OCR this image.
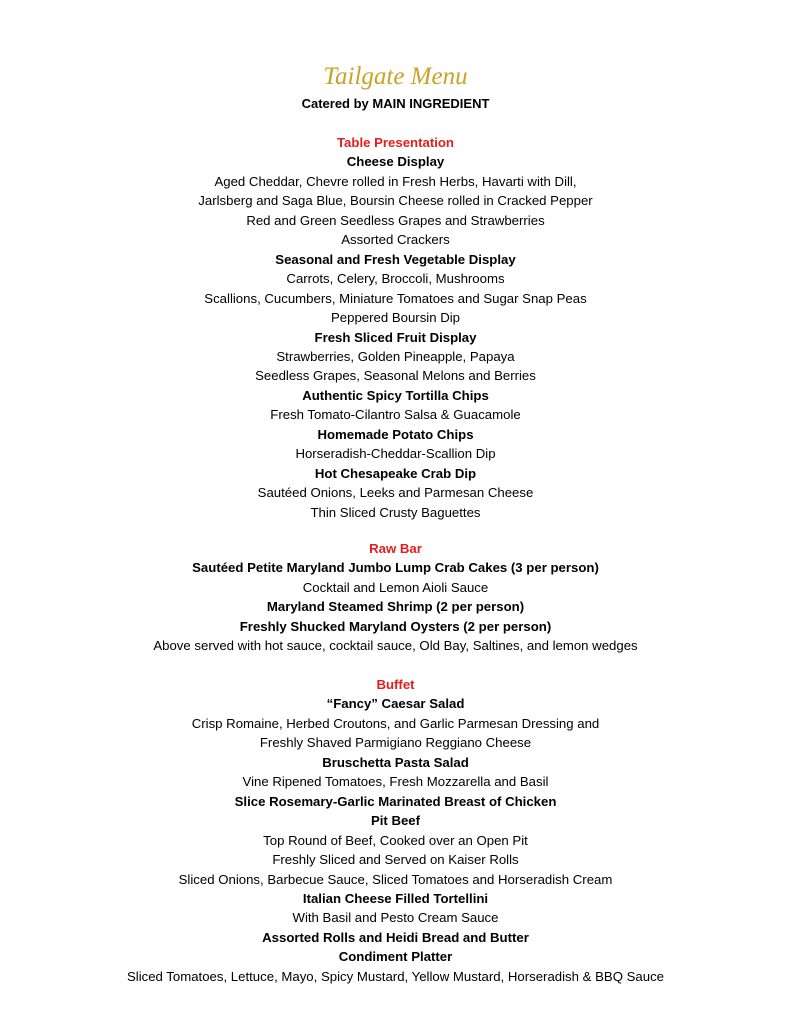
Tailgate Menu
Catered by MAIN INGREDIENT
Table Presentation
Cheese Display
Aged Cheddar, Chevre rolled in Fresh Herbs, Havarti with Dill,
Jarlsberg and Saga Blue, Boursin Cheese rolled in Cracked Pepper
Red and Green Seedless Grapes and Strawberries
Assorted Crackers
Seasonal and Fresh Vegetable Display
Carrots, Celery, Broccoli, Mushrooms
Scallions, Cucumbers, Miniature Tomatoes and Sugar Snap Peas
Peppered Boursin Dip
Fresh Sliced Fruit Display
Strawberries, Golden Pineapple, Papaya
Seedless Grapes, Seasonal Melons and Berries
Authentic Spicy Tortilla Chips
Fresh Tomato-Cilantro Salsa & Guacamole
Homemade Potato Chips
Horseradish-Cheddar-Scallion Dip
Hot Chesapeake Crab Dip
Sautéed Onions, Leeks and Parmesan Cheese
Thin Sliced Crusty Baguettes
Raw Bar
Sautéed Petite Maryland Jumbo Lump Crab Cakes (3 per person)
Cocktail and Lemon Aioli Sauce
Maryland Steamed Shrimp (2 per person)
Freshly Shucked Maryland Oysters (2 per person)
Above served with hot sauce, cocktail sauce, Old Bay, Saltines, and lemon wedges
Buffet
“Fancy” Caesar Salad
Crisp Romaine, Herbed Croutons, and Garlic Parmesan Dressing and
Freshly Shaved Parmigiano Reggiano Cheese
Bruschetta Pasta Salad
Vine Ripened Tomatoes, Fresh Mozzarella and Basil
Slice Rosemary-Garlic Marinated Breast of Chicken
Pit Beef
Top Round of Beef, Cooked over an Open Pit
Freshly Sliced and Served on Kaiser Rolls
Sliced Onions, Barbecue Sauce, Sliced Tomatoes and Horseradish Cream
Italian Cheese Filled Tortellini
With Basil and Pesto Cream Sauce
Assorted Rolls and Heidi Bread and Butter
Condiment Platter
Sliced Tomatoes, Lettuce, Mayo, Spicy Mustard, Yellow Mustard, Horseradish & BBQ Sauce
